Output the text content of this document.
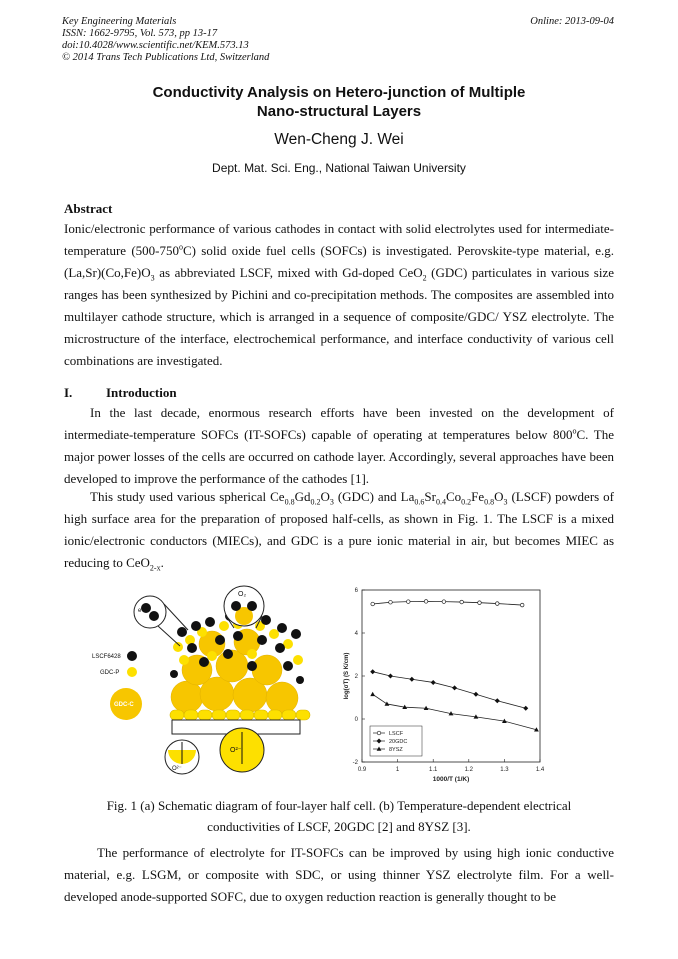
Key Engineering Materials
ISSN: 1662-9795, Vol. 573, pp 13-17
doi:10.4028/www.scientific.net/KEM.573.13
© 2014 Trans Tech Publications Ltd, Switzerland
Online: 2013-09-04
Conductivity Analysis on Hetero-junction of Multiple
Nano-structural Layers
Wen-Cheng J. Wei
Dept. Mat. Sci. Eng., National Taiwan University
Abstract
Ionic/electronic performance of various cathodes in contact with solid electrolytes used for intermediate-temperature (500-750$^o$C) solid oxide fuel cells (SOFCs) is investigated. Perovskite-type material, e.g. $(La,Sr)(Co,Fe)O_3$ as abbreviated LSCF, mixed with Gd-doped CeO$_2$ (GDC) particulates in various size ranges has been synthesized by Pichini and co-precipitation methods. The composites are assembled into multilayer cathode structure, which is arranged in a sequence of composite/GDC/ YSZ electrolyte. The microstructure of the interface, electrochemical performance, and interface conductivity of various cell combinations are investigated.
I.	Introduction
In the last decade, enormous research efforts have been invested on the development of intermediate-temperature SOFCs (IT-SOFCs) capable of operating at temperatures below 800$^o$C. The major power losses of the cells are occurred on cathode layer. Accordingly, several approaches have been developed to improve the performance of the cathodes [1].
This study used various spherical $Ce_{0.8}Gd_{0.2}O_3$ (GDC) and $La_{0.6}Sr_{0.4}Co_{0.2}Fe_{0.8}O_3$ (LSCF) powders of high surface area for the preparation of proposed half-cells, as shown in Fig. 1. The LSCF is a mixed ionic/electronic conductors (MIECs), and GDC is a pure ionic material in air, but becomes MIEC as reducing to CeO$_{2-x}$.
e⁻
O₂
O²⁻
O²⁻
LSCF6428
GDC-P
GDC-C
0.9	1	1.1	1.2	1.3	1.4
-2
0
2
4
6
1000/T (1/K)
log(σT) (S K/cm)
LSCF
20GDC
8YSZ
Fig. 1 (a) Schematic diagram of four-layer half cell. (b) Temperature-dependent electrical
conductivities of LSCF, 20GDC [2] and 8YSZ [3].
The performance of electrolyte for IT-SOFCs can be improved by using high ionic conductive material, e.g. LSGM, or composite with SDC, or using thinner YSZ electrolyte film. For a well-developed anode-supported SOFC, due to oxygen reduction reaction is generally thought to be
